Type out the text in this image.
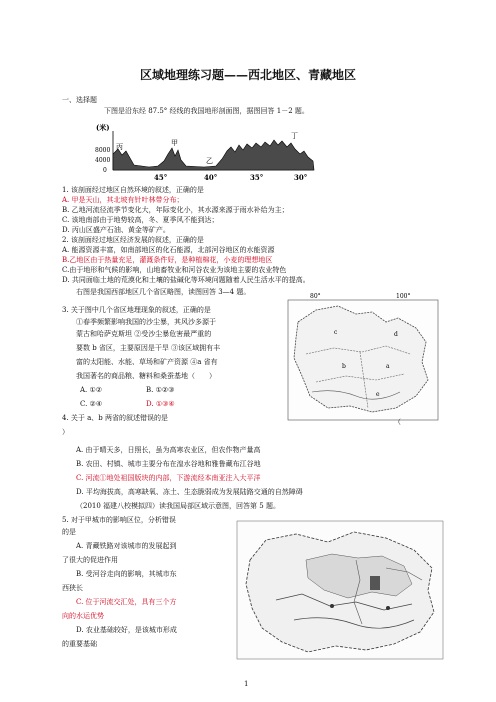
区域地理练习题——西北地区、青藏地区
一、选择题
下图是沿东经 87.5° 经线的我国地形剖面图，据图回答 1－2 题。
(米)
8000
4000
0
丙	甲
乙
丁
45°	40°	35°	30°
1. 该剖面经过地区自然环境的叙述，正确的是
A. 甲是天山，其北坡有针叶林带分布；
B. 乙地河流径流季节变化大，年际变化小，其水源来源于雨水补给为主；
C. 该地南部由于地势较高，冬、夏季风不能到达；
D. 丙山区盛产石油、黄金等矿产。
2. 该剖面经过地区经济发展的叙述，正确的是
A. 能源资源丰富，如南部地区的化石能源，北部河谷地区的水能资源
B.乙地区由于热量充足，灌溉条件好，是种植棉花，小麦的理想地区
C.由于地形和气候的影响，山地畜牧业和河谷农业为该地主要的农业特色
D. 共同面临土地的荒漠化和土壤的盐碱化等环境问题随着人民生活水平的提高。
右图是我国西部地区几个省区略图，读图回答 3—4 题。
80°	100°
c	d
b	a
e
3. 关于图中几个省区地理现象的叙述，正确的是
①春季频繁影响我国的沙尘暴，其风沙多源于
蒙古和哈萨克斯坦 ②受沙尘暴危害最严重的
要数 b 省区，主要原因是干旱 ③该区域拥有丰
富的太阳能、水能、草场和矿产资源 ④a 省有
我国著名的商品粮、糖料和桑蚕基地（　　）
A. ①②	B. ①②③
C. ②④	D. ①③④
4. 关于 a、b 两省的叙述错误的是	（
）
A. 由于晴天多，日照长，虽为高寒农业区，但农作物产量高
B. 农田、村镇、城市主要分布在湟水谷地和雅鲁藏布江谷地
C. 河流①地处祖国版块的内部，下游流经本南亚注入大平洋
D. 平均海拔高，高寒缺氧、冻土、生态脆弱成为发展陆路交通的自然障碍
（2010 福建八校模拟四）读我国局部区域示意图，回答第 5 题。
5. 对于甲城市的影响区位，分析错误
的是
A. 青藏铁路对该城市的发展起到
了很大的促进作用
B. 受河谷走向的影响，其城市东
西狭长
C. 位于河流交汇处，具有三个方
向的水运优势
D. 农业基础较好，是该城市形成
的重要基础
1
